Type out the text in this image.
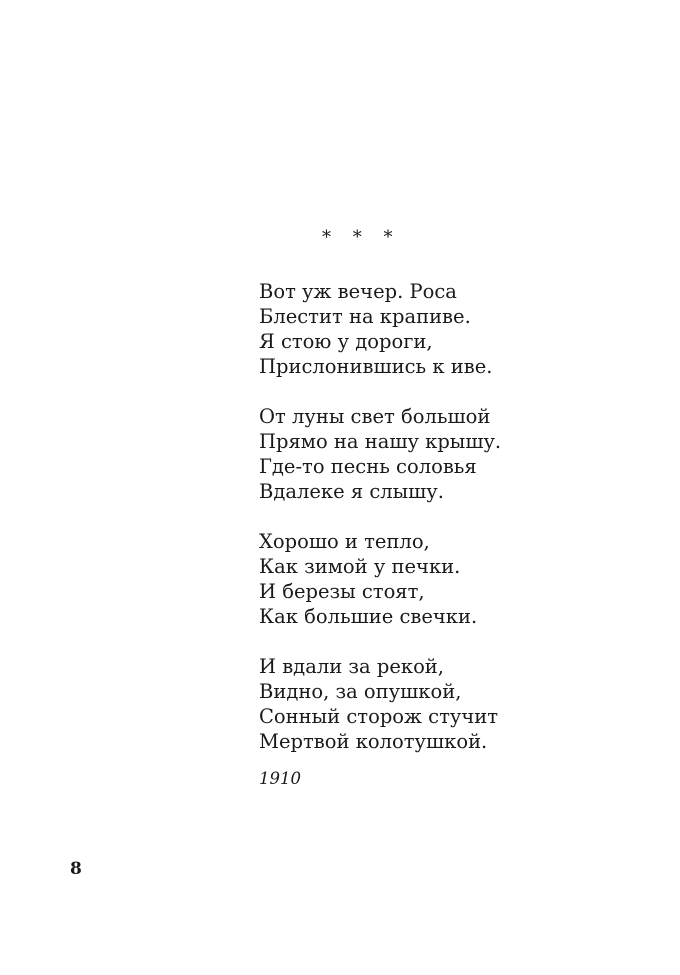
* * *
Вот уж вечер. Роса
Блестит на крапиве.
Я стою у дороги,
Прислонившись к иве.
От луны свет большой
Прямо на нашу крышу.
Где-то песнь соловья
Вдалеке я слышу.
Хорошо и тепло,
Как зимой у печки.
И березы стоят,
Как большие свечки.
И вдали за рекой,
Видно, за опушкой,
Сонный сторож стучит
Мертвой колотушкой.
1910
8
